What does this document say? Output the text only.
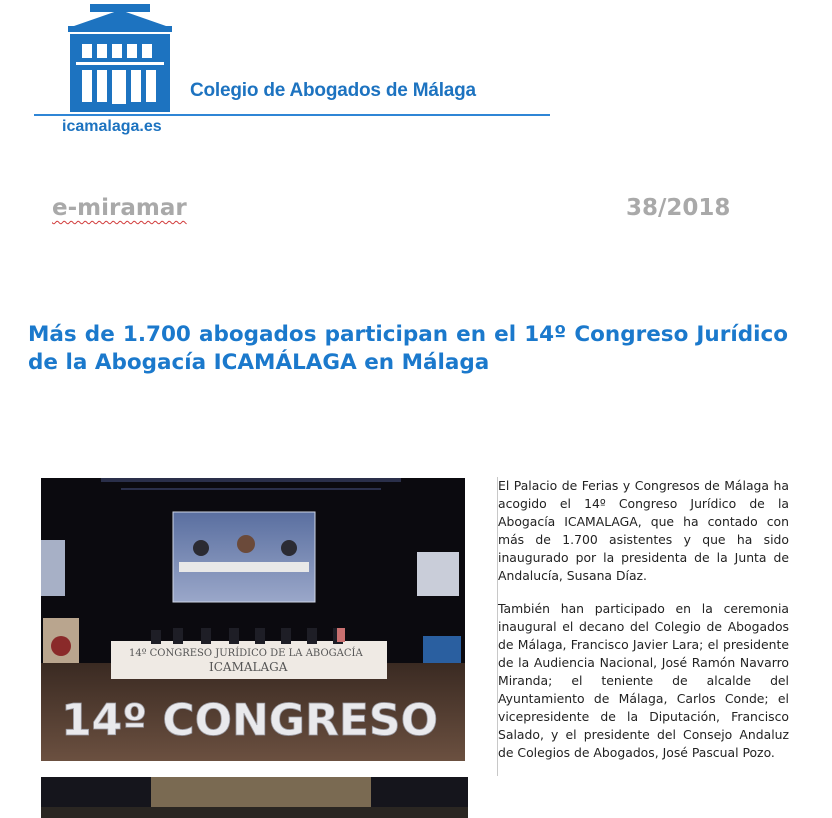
Colegio de Abogados de Málaga
icamalaga.es
e-miramar	38/2018
Más de 1.700 abogados participan en el 14º Congreso Jurídico de la Abogacía ICAMÁLAGA en Málaga
14º CONGRESO
14º CONGRESO JURÍDICO DE LA ABOGACÍA
ICAMALAGA

El Palacio de Ferias y Congresos de Málaga ha acogido el 14º Congreso Jurídico de la Abogacía ICAMALAGA, que ha contado con más de 1.700 asistentes y que ha sido inaugurado por la presidenta de la Junta de Andalucía, Susana Díaz.

También han participado en la ceremonia inaugural el decano del Colegio de Abogados de Málaga, Francisco Javier Lara; el presidente de la Audiencia Nacional, José Ramón Navarro Miranda; el teniente de alcalde del Ayuntamiento de Málaga, Carlos Conde; el vicepresidente de la Diputación, Francisco Salado, y el presidente del Consejo Andaluz de Colegios de Abogados, José Pascual Pozo.
